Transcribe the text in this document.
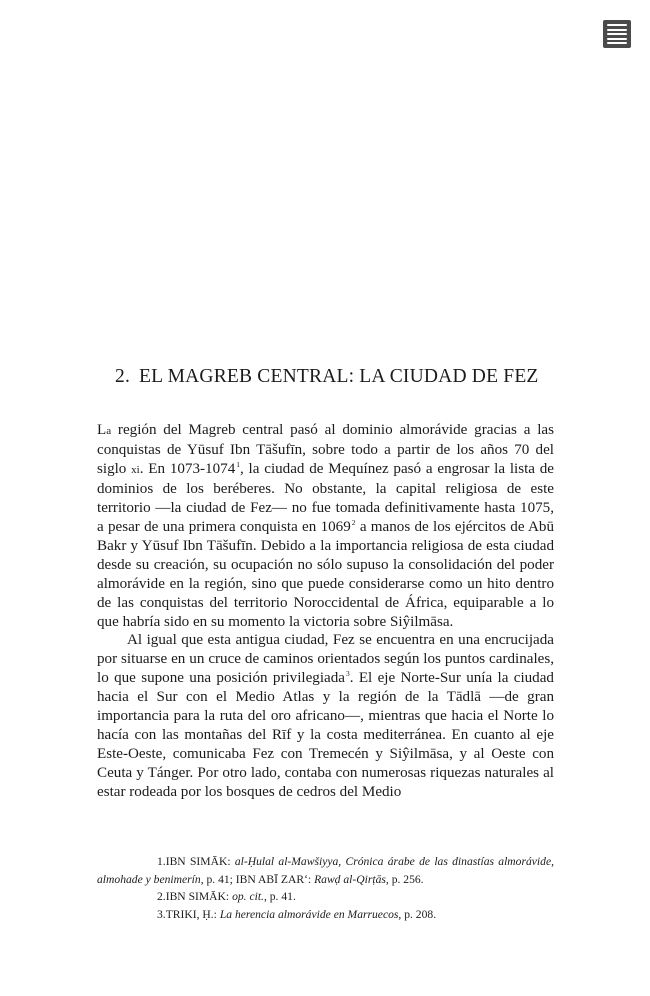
2. EL MAGREB CENTRAL: LA CIUDAD DE FEZ

La región del Magreb central pasó al dominio almorávide gracias a las conquistas de Yūsuf Ibn Tāšufīn, sobre todo a partir de los años 70 del siglo xi. En 1073-1074$^1$, la ciudad de Mequínez pasó a engrosar la lista de dominios de los beréberes. No obstante, la capital religiosa de este territorio —la ciudad de Fez— no fue tomada definitivamente hasta 1075, a pesar de una primera conquista en 1069$^2$ a manos de los ejércitos de Abū Bakr y Yūsuf Ibn Tāšufīn. Debido a la importancia religiosa de esta ciudad desde su creación, su ocupación no sólo supuso la consolidación del poder almorávide en la región, sino que puede considerarse como un hito dentro de las conquistas del territorio Noroccidental de África, equiparable a lo que habría sido en su momento la victoria sobre Siŷilmāsa.

Al igual que esta antigua ciudad, Fez se encuentra en una encrucijada por situarse en un cruce de caminos orientados según los puntos cardinales, lo que supone una posición privilegiada$^3$. El eje Norte-Sur unía la ciudad hacia el Sur con el Medio Atlas y la región de la Tādlā —de gran importancia para la ruta del oro africano—, mientras que hacia el Norte lo hacía con las montañas del Rīf y la costa mediterránea. En cuanto al eje Este-Oeste, comunicaba Fez con Tremecén y Siŷilmāsa, y al Oeste con Ceuta y Tánger. Por otro lado, contaba con numerosas riquezas naturales al estar rodeada por los bosques de cedros del Medio

1.IBN SIMĀK: al-Ḥulal al-Mawšiyya, Crónica árabe de las dinastías almorávide, almohade y benimerín, p. 41; IBN ABĪ ZAR‘: Rawḍ al-Qirṭās, p. 256.

2.IBN SIMĀK: op. cit., p. 41.

3.TRIKI, Ḥ.: La herencia almorávide en Marruecos, p. 208.
